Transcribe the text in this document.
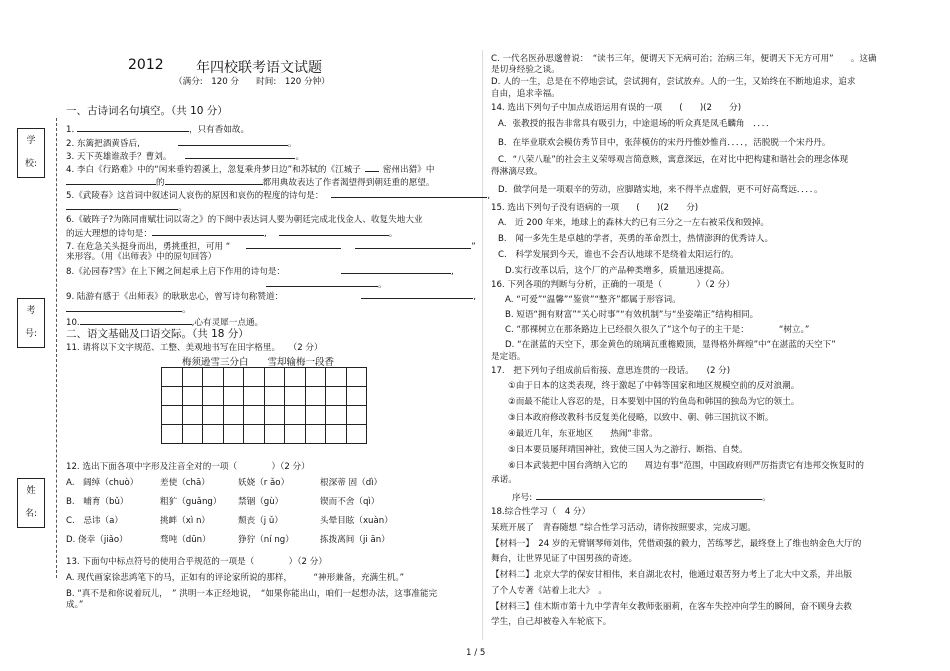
学

校:
考

号:
姓

名:
2012 年四校联考语文试题
（满分:　120 分　　时间:　120 分钟）
一、古诗词名句填空。（共 10 分）
1.	，只有香如故。
2. 东篱把酒黄昏后,	。
3. 天下英雄谁敌手？曹刘。	。
4. 李白《行路难》中的“闲来垂钓碧溪上，忽复乘舟梦日边”和苏轼的《江城子	密州出猎》中
的	都用典故表达了作者渴望得到朝廷重的愿望。
5.《武陵春》这首词中叙述词人哀伤的原因和哀伤的程度的诗句是：	,
。
6.《破阵子?为陈同甫赋壮词以寄之》的下阕中表达词人要为朝廷完成北伐金人、收复失地大业
的远大理想的诗句是：	,	。
7. 在危急关头挺身而出，勇挑重担，可用 “	”
来形容。（用《出师表》中的原句回答）
8.《沁园春?雪》在上下阙之间起承上启下作用的诗句是：	,
。
9. 陆游有感于《出师表》的耿耿忠心，曾写诗句称赞道：	,
。
10.	,心有灵犀一点通。
二、语文基础及口语交际。（共 18 分）
11. 请将以下文字规范、工整、美观地书写在田字格里。　　（2 分）
梅须逊雪三分白　　雪却输梅一段香

12. 选出下面各项中字形及注音全对的一项（　　　　）（2 分）
A.　阔绰（chuò）	差使（chā）	妖娆（r ǎo）	根深蒂 固（dì）
B.　哺育（bǔ）	粗犷（guǎng） 禁锢（gù）	锲而不舍（qì）
C.　忌讳（a）	挑衅（xì n）	颓丧（j ǔ）	头晕目眩（xuàn）
D. 侥幸（jiǎo）	骛吨（dūn）	狰狞（ní ng）	拣拨离间（ji ān）
13. 下面句中标点符号的使用合乎规范的一项是（　　　　）（2 分）
A. 现代画家徐悲鸿笔下的马，正如有的评论家所说的那样，　　　“神形兼备，充满生机。”
B. “真不是和你说着玩儿，　” 洪明一本正经地说，　“如果你能出山，咱们一起想办法，这事准能完
成。”
C. 一代名医孙思邈曾说：　“读书三年，便谓天下无病可治；治病三年，便谓天下无方可用”　　。这确
是切身经验之谈。
D. 人的一生，总是在不停地尝试，尝试拥有，尝试放弃。人的一生，又始终在不断地追求，追求
自由，追求幸福。
14. 选出下列句子中加点成语运用有误的一项　　(　　)(2　　分)
A．张教授的报告非常具有吸引力，中途退场的听众真是凤毛麟角　．．．．
B．在毕业联欢会模仿秀节目中，张萍模仿的宋丹丹惟妙惟肖．．．．，活脱脱一个宋丹丹。
C．“八荣八耻”的社会主义荣辱观言简意赅，寓意深远，在对比中把构建和谐社会的理念体现
得淋漓尽致。
D．做学问是一项艰辛的劳动，应脚踏实地，来不得半点虚假，更不可好高骛远．．．．。
15. 选出下列句子没有语病的一项　　(　　)(2　　分)
A.　近 200 年来，地球上的森林大约已有三分之一左右被采伐和毁掉。
B.　闻一多先生是卓越的学者，英勇的革命烈士，热情澎湃的优秀诗人。
C.　科学发展到今天，谁也不会否认地球不是绕着太阳运行的。
D.实行改革以后，这个厂的产品种类增多，质量迅速提高。
16. 下列各项的判断与分析，正确的一项是（　　　　）（2 分）
A. “可爱”“温馨”“鉴赏”“整齐”都属于形容词。
B. 短语“拥有财富”“关心时事”“有效机制”与“坐姿端正”结构相同。
C. “那裸树立在那条路边上已经很久很久了”这个句子的主干是：　　　　“树立。”
D. “在湛蓝的天空下，那金黄色的琉璃瓦重檐殿顶，显得格外辉煌”中“在湛蓝的天空下”
是定语。
17.　把下列句子组成前后衔接、意思连贯的一段话。　　(2 分)
①由于日本的这类表现，终于激起了中韩等国家和地区规模空前的反对浪潮。
②而最不能让人容忍的是，日本要划中国的钓鱼岛和韩国的独岛为它的领土。
③日本政府修改教科书反复美化侵略，以致中、朝、韩三国抗议不断。
④最近几年，东亚地区　　热闹“非常。
⑤日本要员屡拜靖国神社，致使三国人为之游行、断指、自焚。
⑥日本武装把中国台湾纳入它的　　周边有事“范围，中国政府则严厉指责它有违邦交恢复时的
承诺。
序号:	。
18.综合性学习（　4 分）
某班开展了　青春随想 ”综合性学习活动，请你按照要求，完成习题。
【材料一】　24 岁的无臂钢琴师刘伟，凭借顽强的毅力，苦练琴艺，最终登上了维也纳金色大厅的
舞台，让世界见证了中国男孩的奇迹。
【材料二】北京大学的保安甘相伟，来自湖北农村，他通过艰苦努力考上了北大中文系，并出版
了个人专著《站着上北大》　。
【材料三】佳木斯市第十九中学青年女教师张丽莉，在客车失控冲向学生的瞬间，奋不顾身去救
学生，自己却被卷入车轮底下。
1 / 5
